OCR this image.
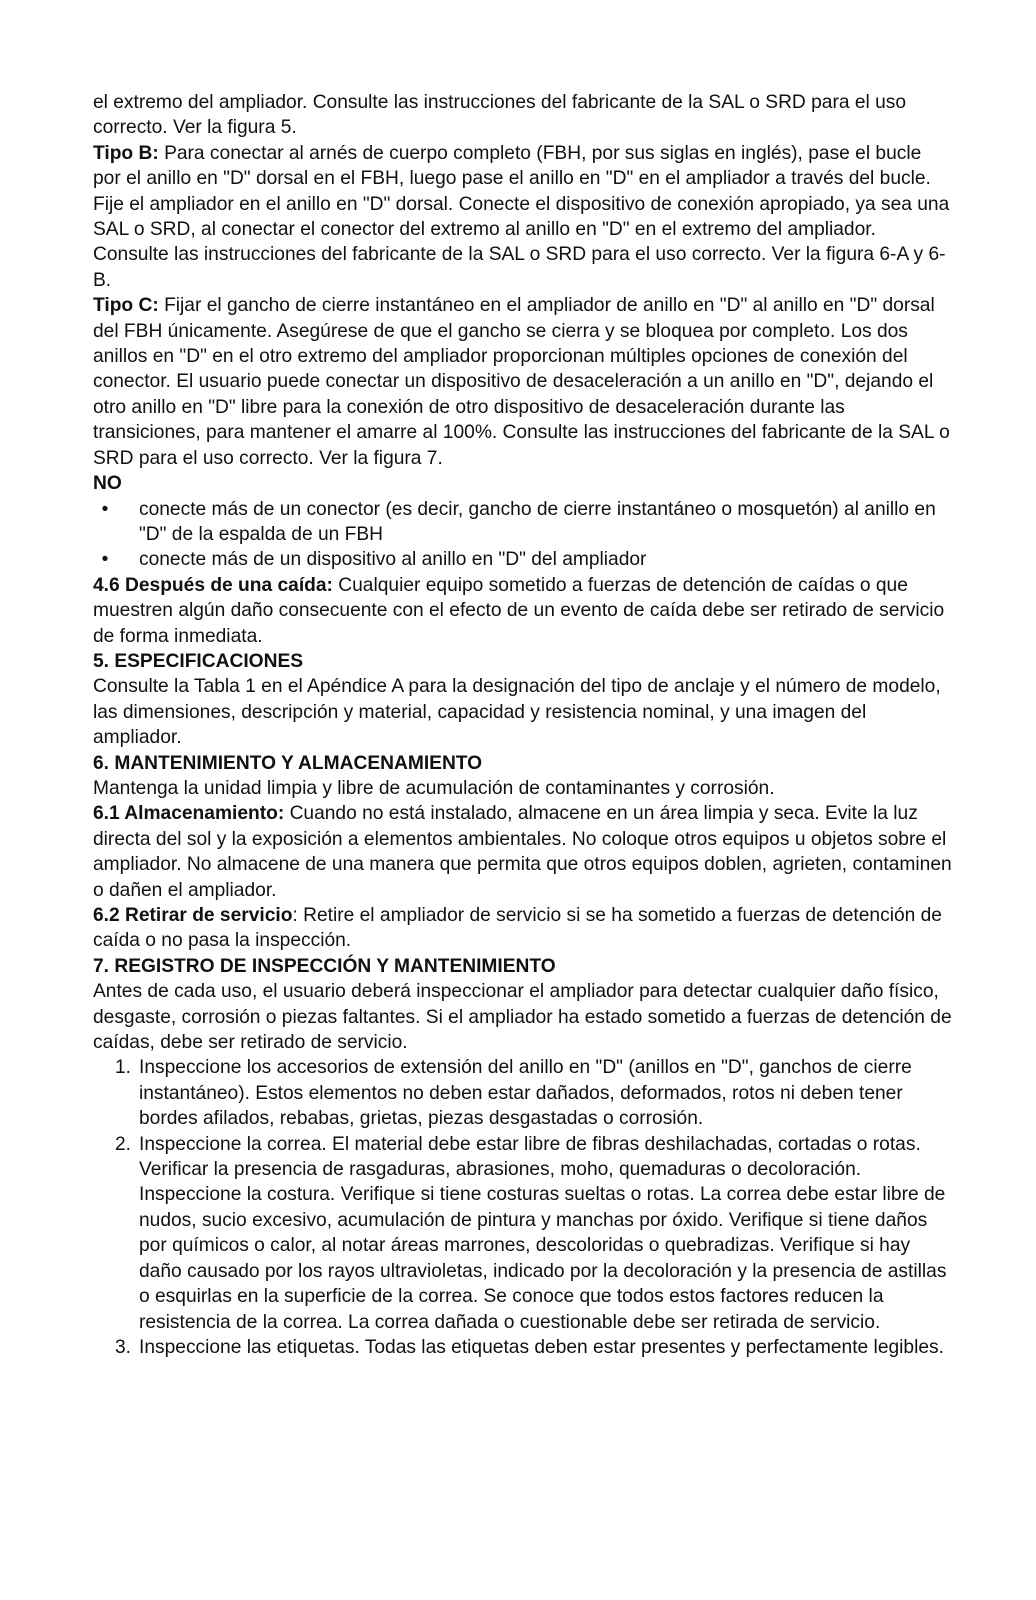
el extremo del ampliador. Consulte las instrucciones del fabricante de la SAL o SRD para el uso correcto. Ver la figura 5.

Tipo B: Para conectar al arnés de cuerpo completo (FBH, por sus siglas en inglés), pase el bucle por el anillo en "D" dorsal en el FBH, luego pase el anillo en "D" en el ampliador a través del bucle. Fije el ampliador en el anillo en "D" dorsal. Conecte el dispositivo de conexión apropiado, ya sea una SAL o SRD, al conectar el conector del extremo al anillo en "D" en el extremo del ampliador. Consulte las instrucciones del fabricante de la SAL o SRD para el uso correcto. Ver la figura 6-A y 6-B.

Tipo C: Fijar el gancho de cierre instantáneo en el ampliador de anillo en "D" al anillo en "D" dorsal del FBH únicamente. Asegúrese de que el gancho se cierra y se bloquea por completo. Los dos anillos en "D" en el otro extremo del ampliador proporcionan múltiples opciones de conexión del conector. El usuario puede conectar un dispositivo de desaceleración a un anillo en "D", dejando el otro anillo en "D" libre para la conexión de otro dispositivo de desaceleración durante las transiciones, para mantener el amarre al 100%. Consulte las instrucciones del fabricante de la SAL o SRD para el uso correcto. Ver la figura 7.

NO

•	conecte más de un conector (es decir, gancho de cierre instantáneo o mosquetón) al anillo en "D" de la espalda de un FBH
•	conecte más de un dispositivo al anillo en "D" del ampliador

4.6 Después de una caída: Cualquier equipo sometido a fuerzas de detención de caídas o que muestren algún daño consecuente con el efecto de un evento de caída debe ser retirado de servicio de forma inmediata.

5. ESPECIFICACIONES

Consulte la Tabla 1 en el Apéndice A para la designación del tipo de anclaje y el número de modelo, las dimensiones, descripción y material, capacidad y resistencia nominal, y una imagen del ampliador.

6. MANTENIMIENTO Y ALMACENAMIENTO

Mantenga la unidad limpia y libre de acumulación de contaminantes y corrosión.

6.1 Almacenamiento: Cuando no está instalado, almacene en un área limpia y seca. Evite la luz directa del sol y la exposición a elementos ambientales. No coloque otros equipos u objetos sobre el ampliador. No almacene de una manera que permita que otros equipos doblen, agrieten, contaminen o dañen el ampliador.

6.2 Retirar de servicio: Retire el ampliador de servicio si se ha sometido a fuerzas de detención de caída o no pasa la inspección.

7. REGISTRO DE INSPECCIÓN Y MANTENIMIENTO

Antes de cada uso, el usuario deberá inspeccionar el ampliador para detectar cualquier daño físico, desgaste, corrosión o piezas faltantes. Si el ampliador ha estado sometido a fuerzas de detención de caídas, debe ser retirado de servicio.

1. Inspeccione los accesorios de extensión del anillo en "D" (anillos en "D", ganchos de cierre instantáneo). Estos elementos no deben estar dañados, deformados, rotos ni deben tener bordes afilados, rebabas, grietas, piezas desgastadas o corrosión.
2. Inspeccione la correa. El material debe estar libre de fibras deshilachadas, cortadas o rotas. Verificar la presencia de rasgaduras, abrasiones, moho, quemaduras o decoloración. Inspeccione la costura. Verifique si tiene costuras sueltas o rotas. La correa debe estar libre de nudos, sucio excesivo, acumulación de pintura y manchas por óxido. Verifique si tiene daños por químicos o calor, al notar áreas marrones, descoloridas o quebradizas. Verifique si hay daño causado por los rayos ultravioletas, indicado por la decoloración y la presencia de astillas o esquirlas en la superficie de la correa. Se conoce que todos estos factores reducen la resistencia de la correa. La correa dañada o cuestionable debe ser retirada de servicio.
3. Inspeccione las etiquetas. Todas las etiquetas deben estar presentes y perfectamente legibles.
